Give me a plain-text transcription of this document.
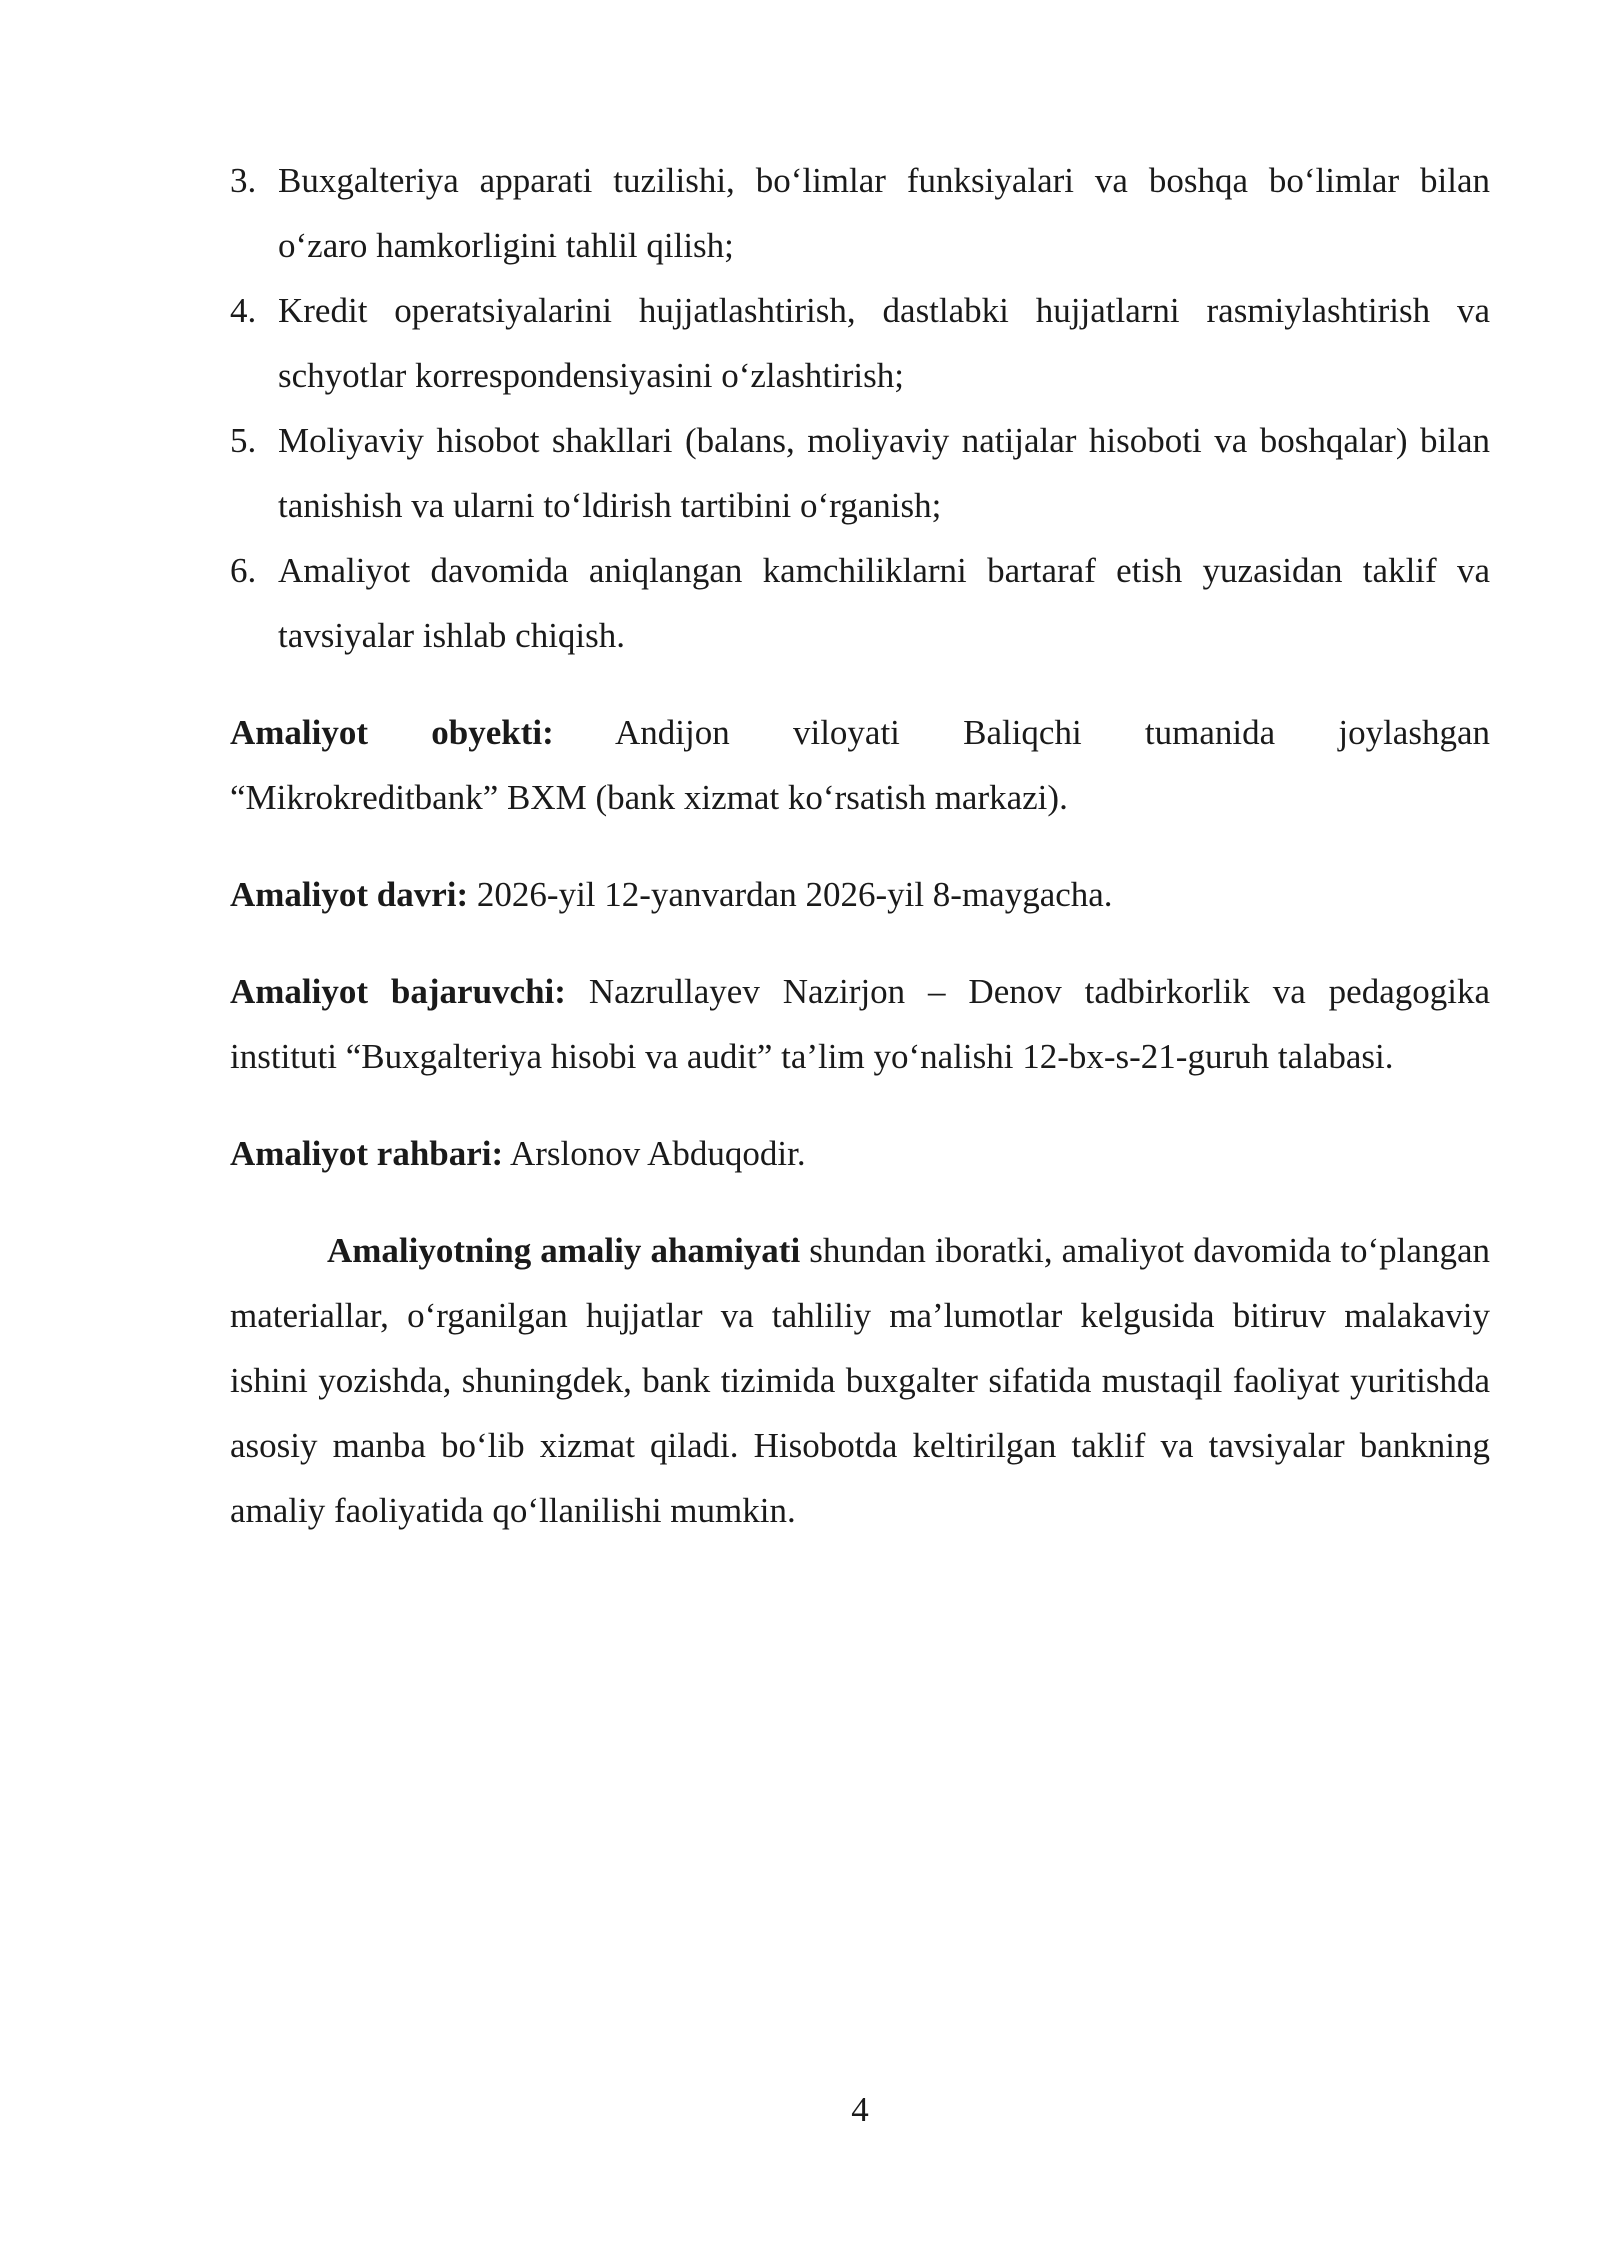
3. Buxgalteriya apparati tuzilishi, bo‘limlar funksiyalari va boshqa bo‘limlar bilan o‘zaro hamkorligini tahlil qilish;
4. Kredit operatsiyalarini hujjatlashtirish, dastlabki hujjatlarni rasmiylashtirish va schyotlar korrespondensiyasini o‘zlashtirish;
5. Moliyaviy hisobot shakllari (balans, moliyaviy natijalar hisoboti va boshqalar) bilan tanishish va ularni to‘ldirish tartibini o‘rganish;
6. Amaliyot davomida aniqlangan kamchiliklarni bartaraf etish yuzasidan taklif va tavsiyalar ishlab chiqish.
Amaliyot obyekti: Andijon viloyati Baliqchi tumanida joylashgan
“Mikrokreditbank” BXM (bank xizmat ko‘rsatish markazi).

Amaliyot davri: 2026-yil 12-yanvardan 2026-yil 8-maygacha.

Amaliyot bajaruvchi: Nazrullayev Nazirjon – Denov tadbirkorlik va pedagogika instituti “Buxgalteriya hisobi va audit” ta’lim yo‘nalishi 12-bx-s-21-guruh talabasi.

Amaliyot rahbari: Arslonov Abduqodir.

Amaliyotning amaliy ahamiyati shundan iboratki, amaliyot davomida to‘plangan materiallar, o‘rganilgan hujjatlar va tahliliy ma’lumotlar kelgusida bitiruv malakaviy ishini yozishda, shuningdek, bank tizimida buxgalter sifatida mustaqil faoliyat yuritishda asosiy manba bo‘lib xizmat qiladi. Hisobotda keltirilgan taklif va tavsiyalar bankning amaliy faoliyatida qo‘llanilishi mumkin.

4
